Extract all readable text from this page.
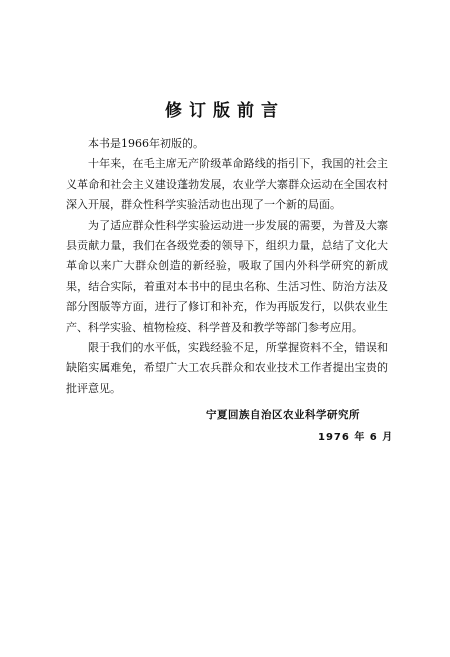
修订版前言

本书是1966年初版的。

十年来，在毛主席无产阶级革命路线的指引下，我国的社会主义革命和社会主义建设蓬勃发展，农业学大寨群众运动在全国农村深入开展，群众性科学实验活动也出现了一个新的局面。

为了适应群众性科学实验运动进一步发展的需要，为普及大寨县贡献力量，我们在各级党委的领导下，组织力量，总结了文化大革命以来广大群众创造的新经验，吸取了国内外科学研究的新成果，结合实际，着重对本书中的昆虫名称、生活习性、防治方法及部分图版等方面，进行了修订和补充，作为再版发行，以供农业生产、科学实验、植物检疫、科学普及和教学等部门参考应用。

限于我们的水平低，实践经验不足，所掌握资料不全，错误和缺陷实属难免，希望广大工农兵群众和农业技术工作者提出宝贵的批评意见。

宁夏回族自治区农业科学研究所
1976 年 6 月
